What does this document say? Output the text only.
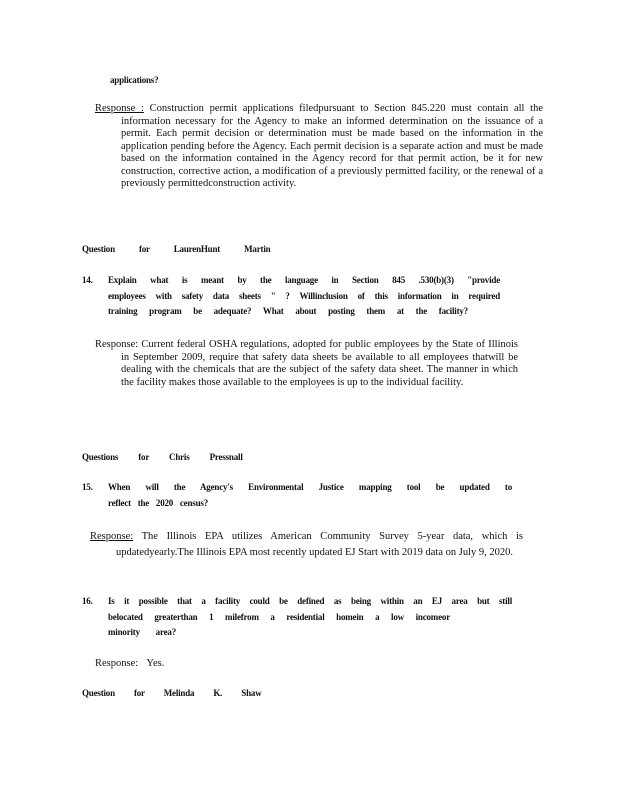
applications?
Response : Construction permit applications filedpursuant to Section 845.220 must contain all the information necessary for the Agency to make an informed determination on the issuance of a permit. Each permit decision or determination must be made based on the information in the application pending before the Agency. Each permit decision is a separate action and must be made based on the information contained in the Agency record for that permit action, be it for new construction, corrective action, a modification of a previously permitted facility, or the renewal of a previously permittedconstruction activity.
Question for LaurenHunt Martin
14. Explain what is meant by the language in Section 845 .530(b)(3) "provide
employees with safety data sheets " ? Willinclusion of this information in required
training program be adequate? What about posting them at the facility?
Response: Current federal OSHA regulations, adopted for public employees by the State of Illinois in September 2009, require that safety data sheets be available to all employees thatwill be dealing with the chemicals that are the subject of the safety data sheet. The manner in which the facility makes those available to the employees is up to the individual facility.
Questions for Chris Pressnall
15. When will the Agency's Environmental Justice mapping tool be updated to
reflect the 2020 census?
Response: The Illinois EPA utilizes American Community Survey 5-year data, which is updatedyearly.The Illinois EPA most recently updated EJ Start with 2019 data on July 9, 2020.
16. Is it possible that a facility could be defined as being within an EJ area but still
belocated greaterthan 1 milefrom a residential homein a low incomeor
minority area?
Response: Yes.
Question for Melinda K. Shaw
